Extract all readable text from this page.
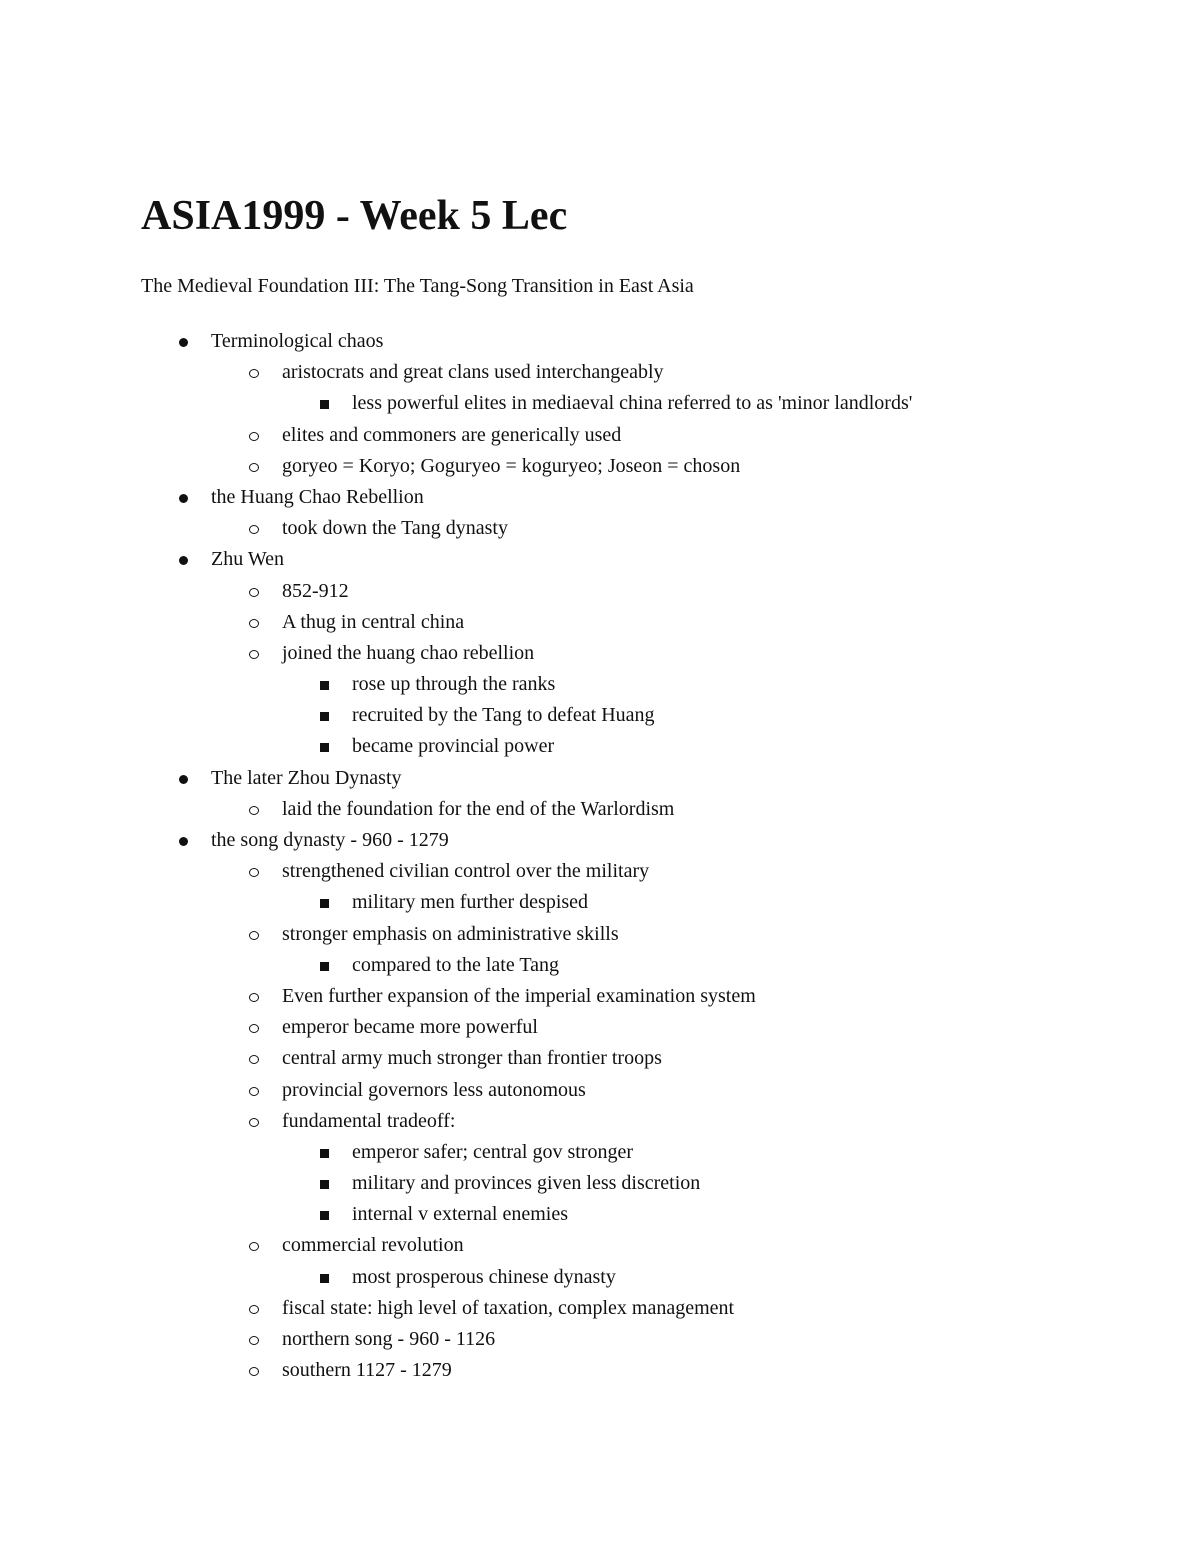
ASIA1999 - Week 5 Lec

The Medieval Foundation III: The Tang-Song Transition in East Asia

Terminological chaos
aristocrats and great clans used interchangeably
less powerful elites in mediaeval china referred to as 'minor landlords'
elites and commoners are generically used
goryeo = Koryo; Goguryeo = koguryeo; Joseon = choson
the Huang Chao Rebellion
took down the Tang dynasty
Zhu Wen
852-912
A thug in central china
joined the huang chao rebellion
rose up through the ranks
recruited by the Tang to defeat Huang
became provincial power
The later Zhou Dynasty
laid the foundation for the end of the Warlordism
the song dynasty - 960 - 1279
strengthened civilian control over the military
military men further despised
stronger emphasis on administrative skills
compared to the late Tang
Even further expansion of the imperial examination system
emperor became more powerful
central army much stronger than frontier troops
provincial governors less autonomous
fundamental tradeoff:
emperor safer; central gov stronger
military and provinces given less discretion
internal v external enemies
commercial revolution
most prosperous chinese dynasty
fiscal state: high level of taxation, complex management
northern song - 960 - 1126
southern 1127 - 1279
